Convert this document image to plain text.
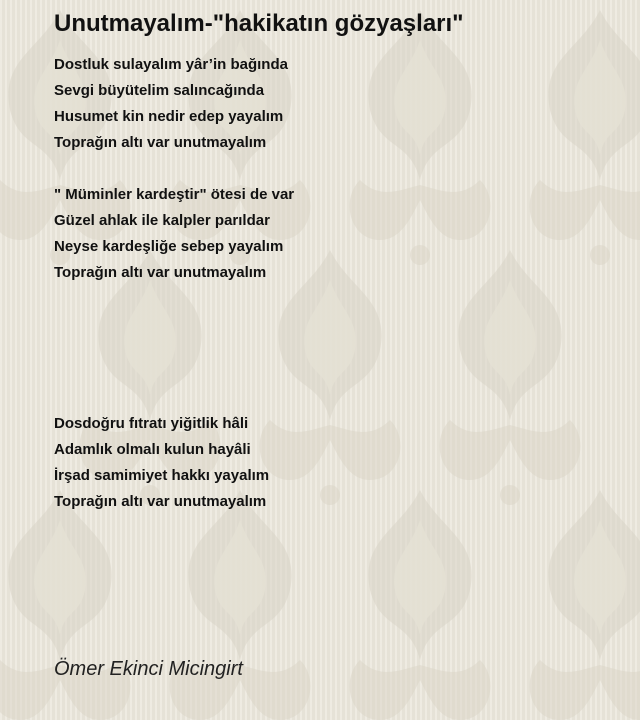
Unutmayalım-"hakikatın gözyaşları"
Dostluk sulayalım yâr’in bağında
Sevgi büyütelim salıncağında
Husumet kin nedir edep yayalım
Toprağın altı var unutmayalım
" Müminler kardeştir" ötesi de var
Güzel ahlak ile kalpler parıldar
Neyse kardeşliğe sebep yayalım
Toprağın altı var unutmayalım
Dosdoğru fıtratı yiğitlik hâli
Adamlık olmalı kulun hayâli
İrşad samimiyet hakkı yayalım
Toprağın altı var unutmayalım
Ömer Ekinci Micingirt
